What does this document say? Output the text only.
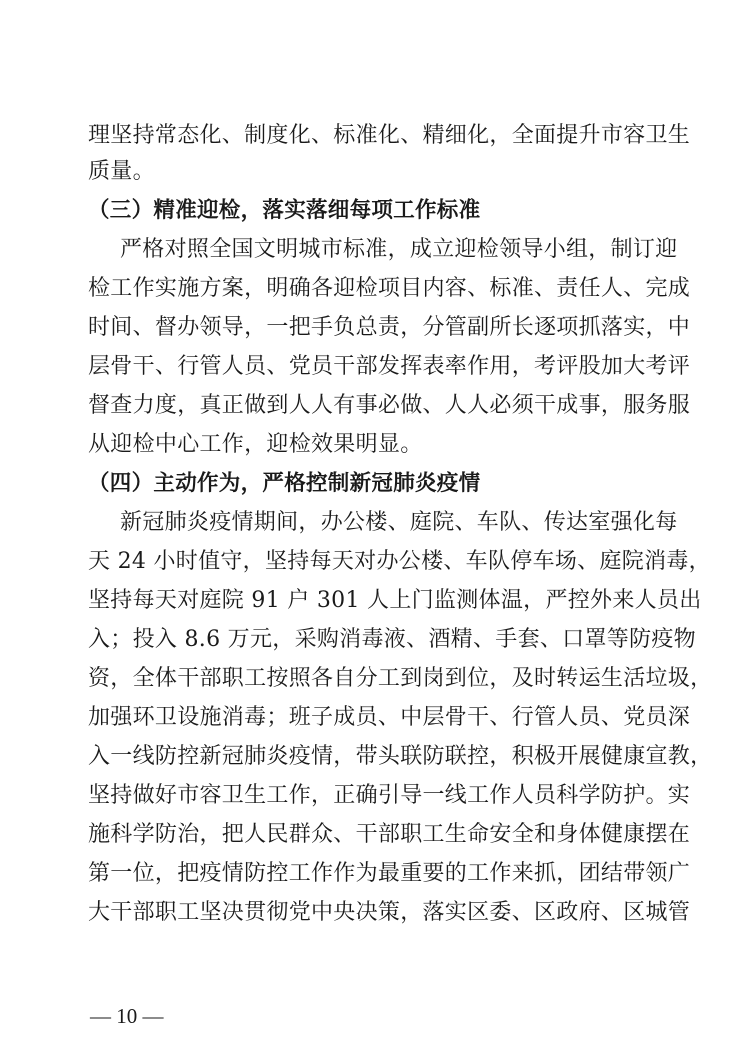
理坚持常态化、制度化、标准化、精细化，全面提升市容卫生
质量。
（三）精准迎检，落实落细每项工作标准
严格对照全国文明城市标准，成立迎检领导小组，制订迎
检工作实施方案，明确各迎检项目内容、标准、责任人、完成
时间、督办领导，一把手负总责，分管副所长逐项抓落实，中
层骨干、行管人员、党员干部发挥表率作用，考评股加大考评
督查力度，真正做到人人有事必做、人人必须干成事，服务服
从迎检中心工作，迎检效果明显。
（四）主动作为，严格控制新冠肺炎疫情
新冠肺炎疫情期间，办公楼、庭院、车队、传达室强化每
天 24 小时值守，坚持每天对办公楼、车队停车场、庭院消毒，
坚持每天对庭院 91 户 301 人上门监测体温，严控外来人员出
入；投入 8.6 万元，采购消毒液、酒精、手套、口罩等防疫物
资，全体干部职工按照各自分工到岗到位，及时转运生活垃圾，
加强环卫设施消毒；班子成员、中层骨干、行管人员、党员深
入一线防控新冠肺炎疫情，带头联防联控，积极开展健康宣教，
坚持做好市容卫生工作，正确引导一线工作人员科学防护。实
施科学防治，把人民群众、干部职工生命安全和身体健康摆在
第一位，把疫情防控工作作为最重要的工作来抓，团结带领广
大干部职工坚决贯彻党中央决策，落实区委、区政府、区城管
— 10 —
